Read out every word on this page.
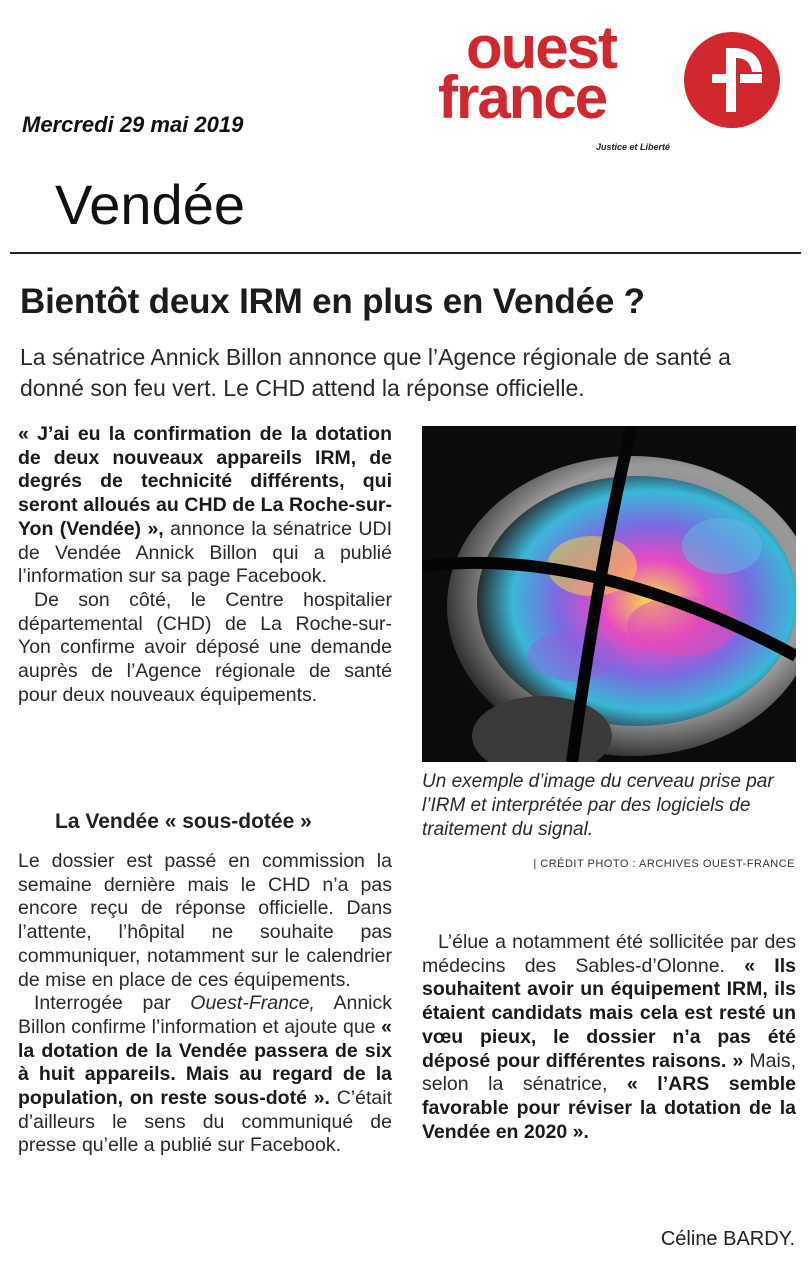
Mercredi 29 mai 2019
ouest
france
Justice et Liberté
Vendée
Bientôt deux IRM en plus en Vendée ?
La sénatrice Annick Billon annonce que l’Agence régionale de santé a donné son feu vert. Le CHD attend la réponse officielle.

« J’ai eu la confirmation de la dotation de deux nouveaux appareils IRM, de degrés de technicité différents, qui seront alloués au CHD de La Roche-sur-Yon (Vendée) », annonce la sénatrice UDI de Vendée Annick Billon qui a publié l’information sur sa page Facebook.

De son côté, le Centre hospitalier départemental (CHD) de La Roche-sur-Yon confirme avoir déposé une demande auprès de l’Agence régionale de santé pour deux nouveaux équipements.

La Vendée « sous-dotée »

Le dossier est passé en commission la semaine dernière mais le CHD n’a pas encore reçu de réponse officielle. Dans l’attente, l’hôpital ne souhaite pas communiquer, notamment sur le calendrier de mise en place de ces équipements.

Interrogée par Ouest-France, Annick Billon confirme l’information et ajoute que « la dotation de la Vendée passera de six à huit appareils. Mais au regard de la population, on reste sous-doté ». C’était d’ailleurs le sens du communiqué de presse qu’elle a publié sur Facebook.

Un exemple d’image du cerveau prise par l’IRM et interprétée par des logiciels de traitement du signal.
| CRÉDIT PHOTO : ARCHIVES OUEST-FRANCE

L’élue a notamment été sollicitée par des médecins des Sables-d’Olonne. « Ils souhaitent avoir un équipement IRM, ils étaient candidats mais cela est resté un vœu pieux, le dossier n’a pas été déposé pour différentes raisons. » Mais, selon la sénatrice, « l’ARS semble favorable pour réviser la dotation de la Vendée en 2020 ».

Céline BARDY.
